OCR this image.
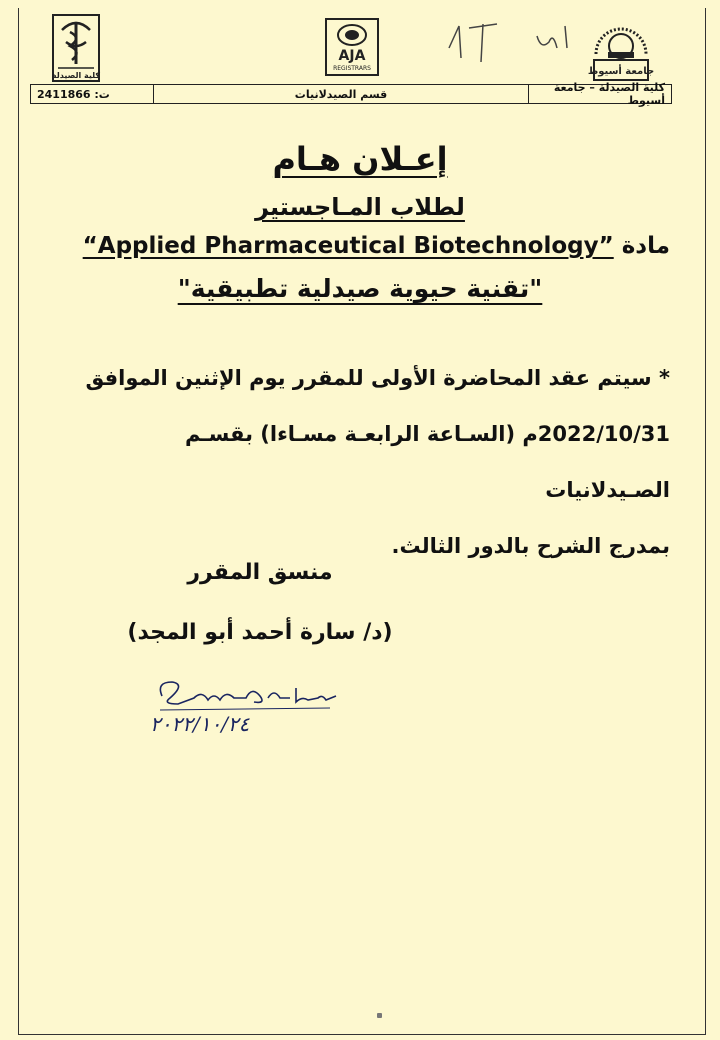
كلية الصيدلة
AJA
REGISTRARS	جامعة أسيوط
ت: 2411866	قسم الصيدلانيات	كلية الصيدلة – جامعة أسيوط
إعـلان هـام
لطلاب المـاجستير
مادة “Applied Pharmaceutical Biotechnology”
"تقنية حيوية صيدلية تطبيقية"

* سيتم عقد المحاضرة الأولى للمقرر يوم الإثنين الموافق

2022/10/31م (السـاعة الرابعـة مسـاءا) بقسـم الصـيدلانيات

بمدرج الشرح بالدور الثالث.

منسق المقرر
(د/ سارة أحمد أبو المجد)
٢٠٢٢/١٠/٢٤
